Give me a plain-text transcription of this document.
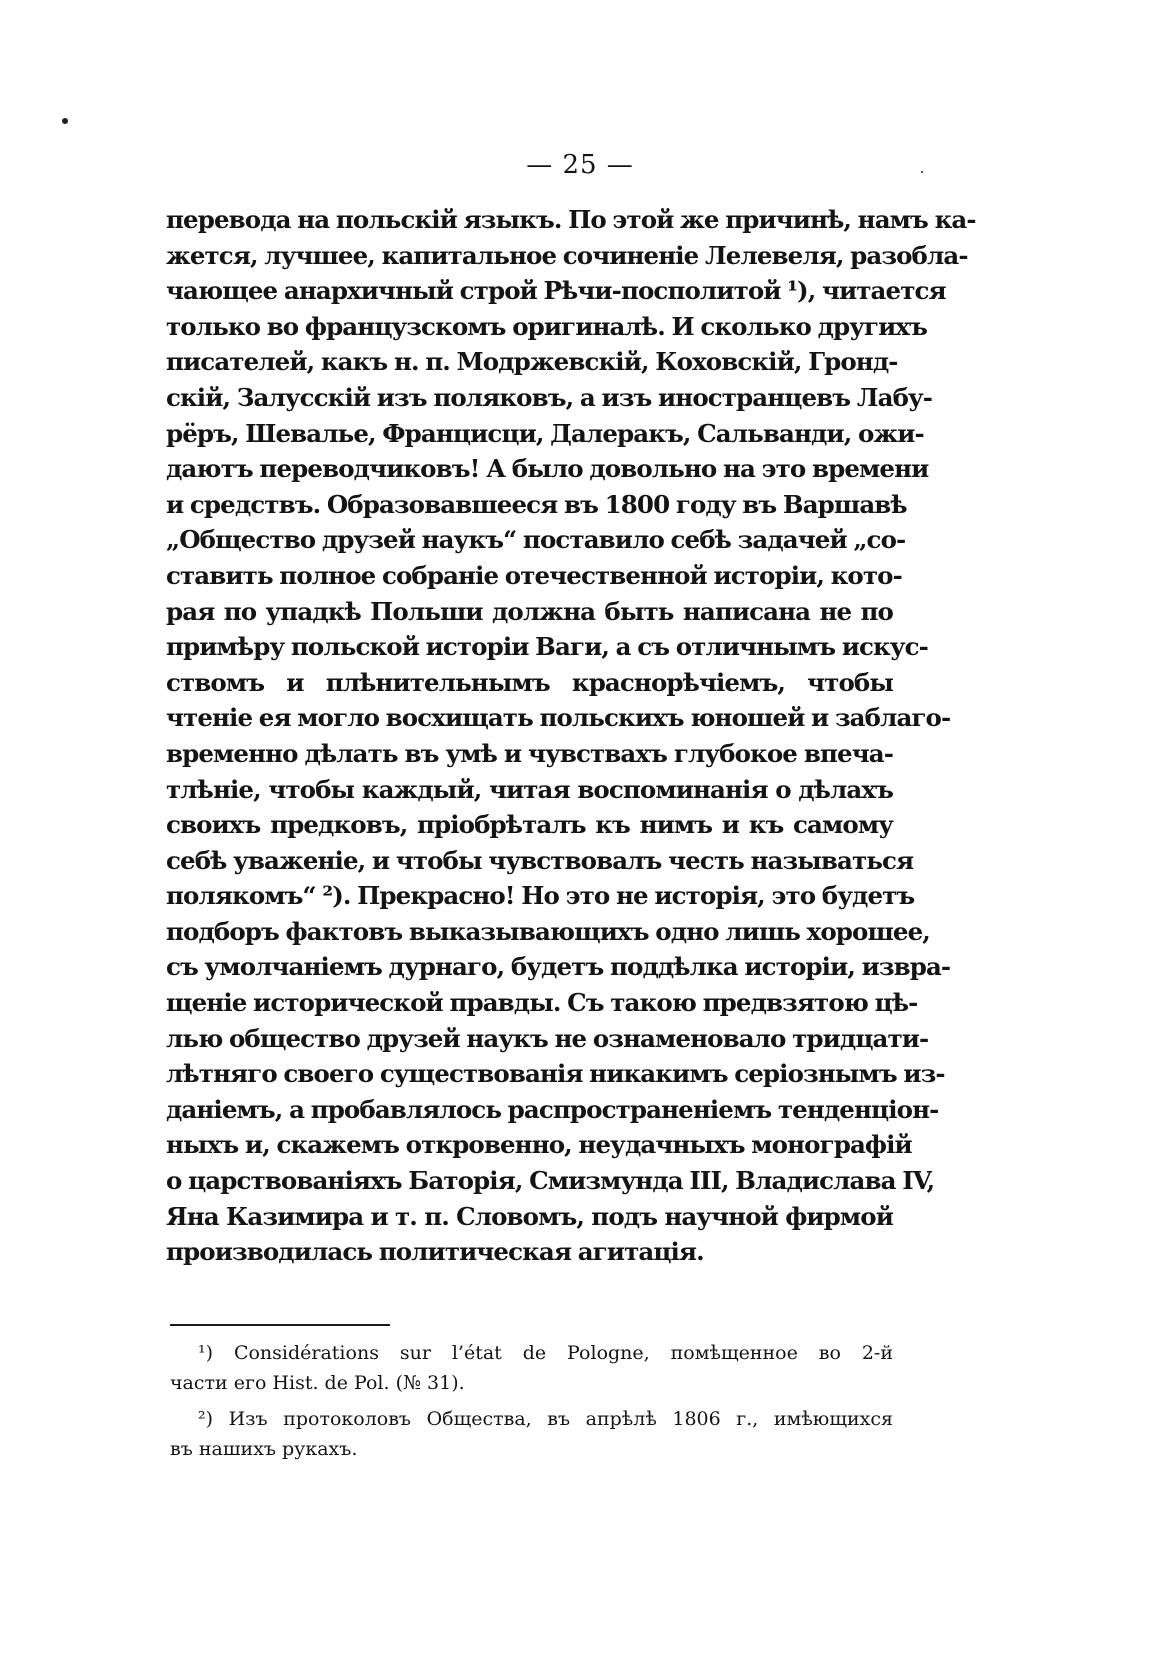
— 25 —
перевода на польскій языкъ. По этой же причинѣ, намъ ка-
жется, лучшее, капитальное сочиненіе Лелевеля, разобла-
чающее анархичный строй Рѣчи-посполитой ¹), читается
только во французскомъ оригиналѣ. И сколько другихъ
писателей, какъ н. п. Модржевскій, Коховскій, Гронд-
скій, Залусскій изъ поляковъ, а изъ иностранцевъ Лабу-
рёръ, Шевалье, Францисци, Далеракъ, Сальванди, ожи-
даютъ переводчиковъ! А было довольно на это времени
и средствъ. Образовавшееся въ 1800 году въ Варшавѣ
„Общество друзей наукъ“ поставило себѣ задачей „со-
ставить полное собраніе отечественной исторіи, кото-
рая по упадкѣ Польши должна быть написана не по
примѣру польской исторіи Ваги, а съ отличнымъ искус-
ствомъ и плѣнительнымъ краснорѣчіемъ, чтобы
чтеніе ея могло восхищать польскихъ юношей и заблаго-
временно дѣлать въ умѣ и чувствахъ глубокое впеча-
тлѣніе, чтобы каждый, читая воспоминанія о дѣлахъ
своихъ предковъ, пріобрѣталъ къ нимъ и къ самому
себѣ уваженіе, и чтобы чувствовалъ честь называться
полякомъ“ ²). Прекрасно! Но это не исторія, это будетъ
подборъ фактовъ выказывающихъ одно лишь хорошее,
съ умолчаніемъ дурнаго, будетъ поддѣлка исторіи, извра-
щеніе исторической правды. Съ такою предвзятою цѣ-
лью общество друзей наукъ не ознаменовало тридцати-
лѣтняго своего существованія никакимъ серіознымъ из-
даніемъ, а пробавлялось распространеніемъ тенденціон-
ныхъ и, скажемъ откровенно, неудачныхъ монографій
о царствованіяхъ Баторія, Смизмунда III, Владислава IV,
Яна Казимира и т. п. Словомъ, подъ научной фирмой
производилась политическая агитація.
¹) Considérations sur l’état de Pologne, помѣщенное во 2-й
части его Hist. de Pol. (№ 31).
²) Изъ протоколовъ Общества, въ апрѣлѣ 1806 г., имѣющихся
въ нашихъ рукахъ.
